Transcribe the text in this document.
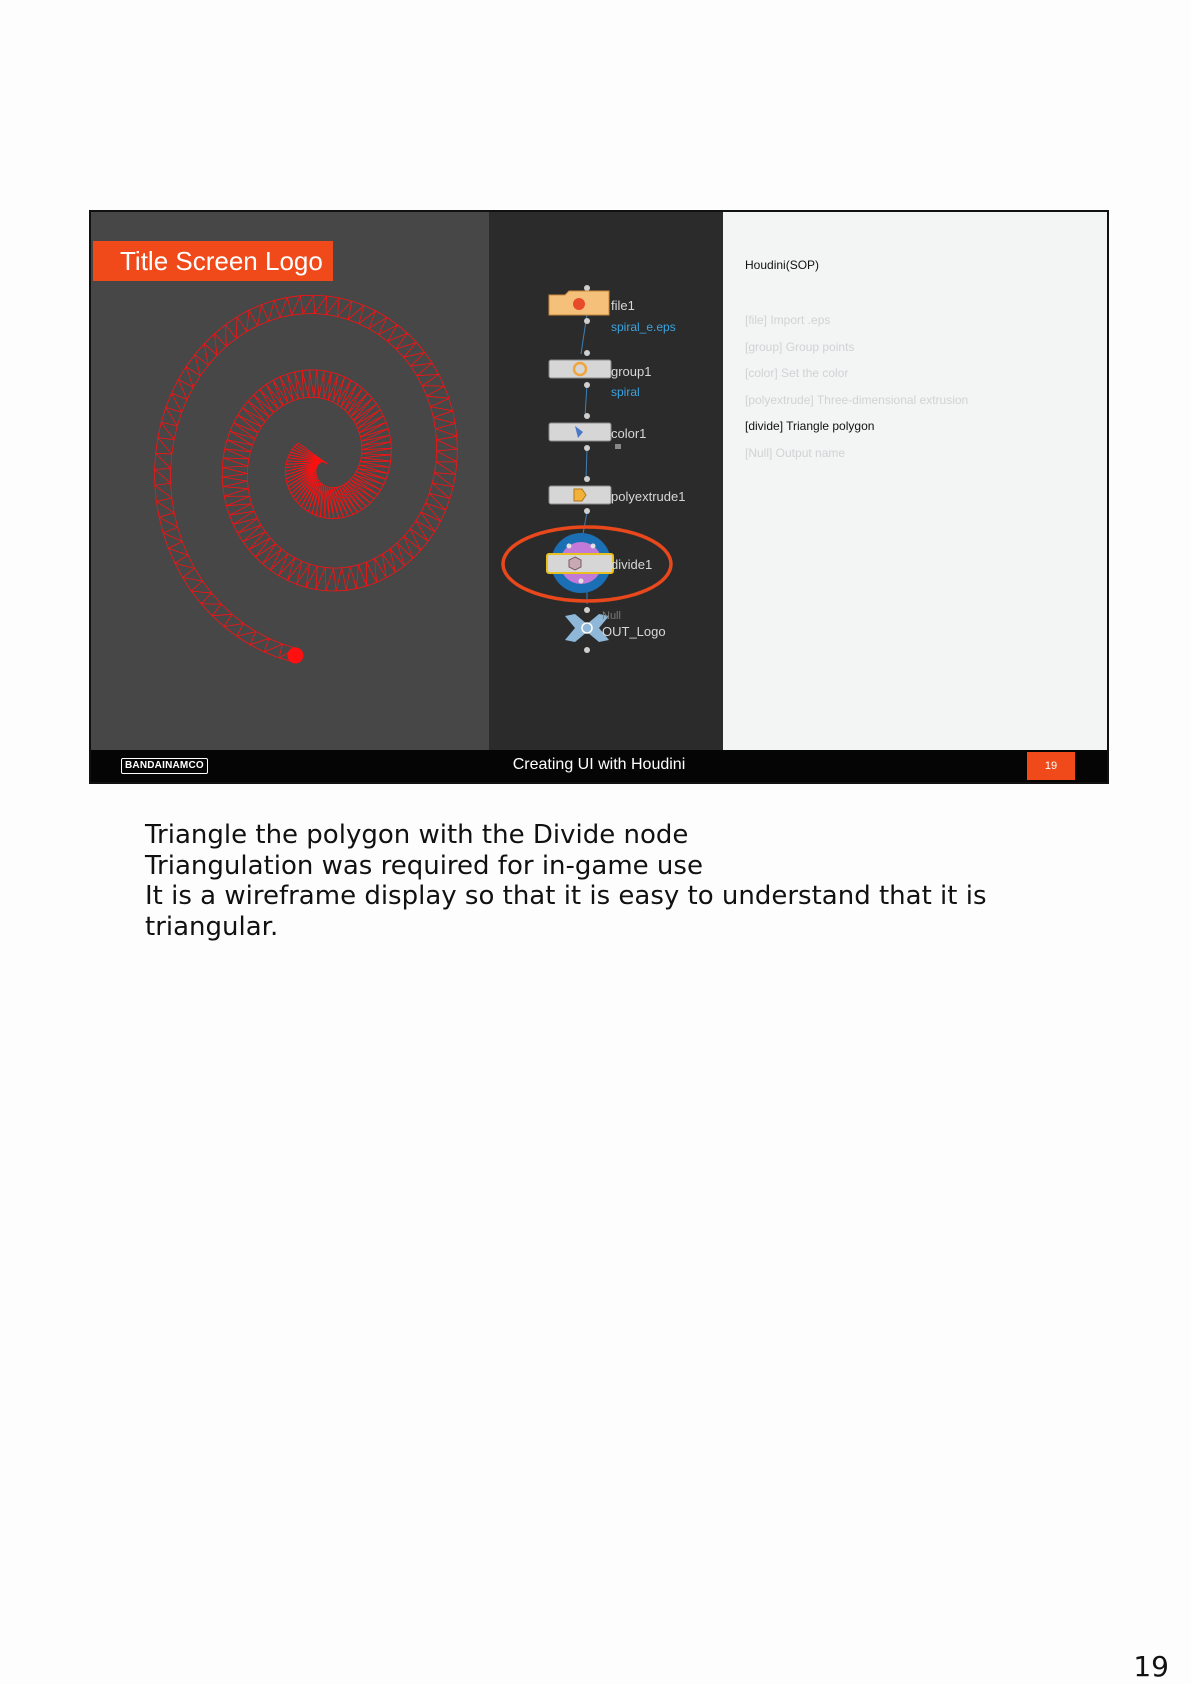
Title Screen Logo
file1
spiral_e.eps
group1
spiral
color1
polyextrude1
divide1
Null
OUT_Logo
Houdini(SOP)
[file] Import .eps
[group] Group points
[color] Set the color
[polyextrude] Three-dimensional extrusion
[divide] Triangle polygon
[Null] Output name
BANDAINAMCO	Creating UI with Houdini	19

Triangle the polygon with the Divide node

Triangulation was required for in-game use

It is a wireframe display so that it is easy to understand that it is triangular.

19
